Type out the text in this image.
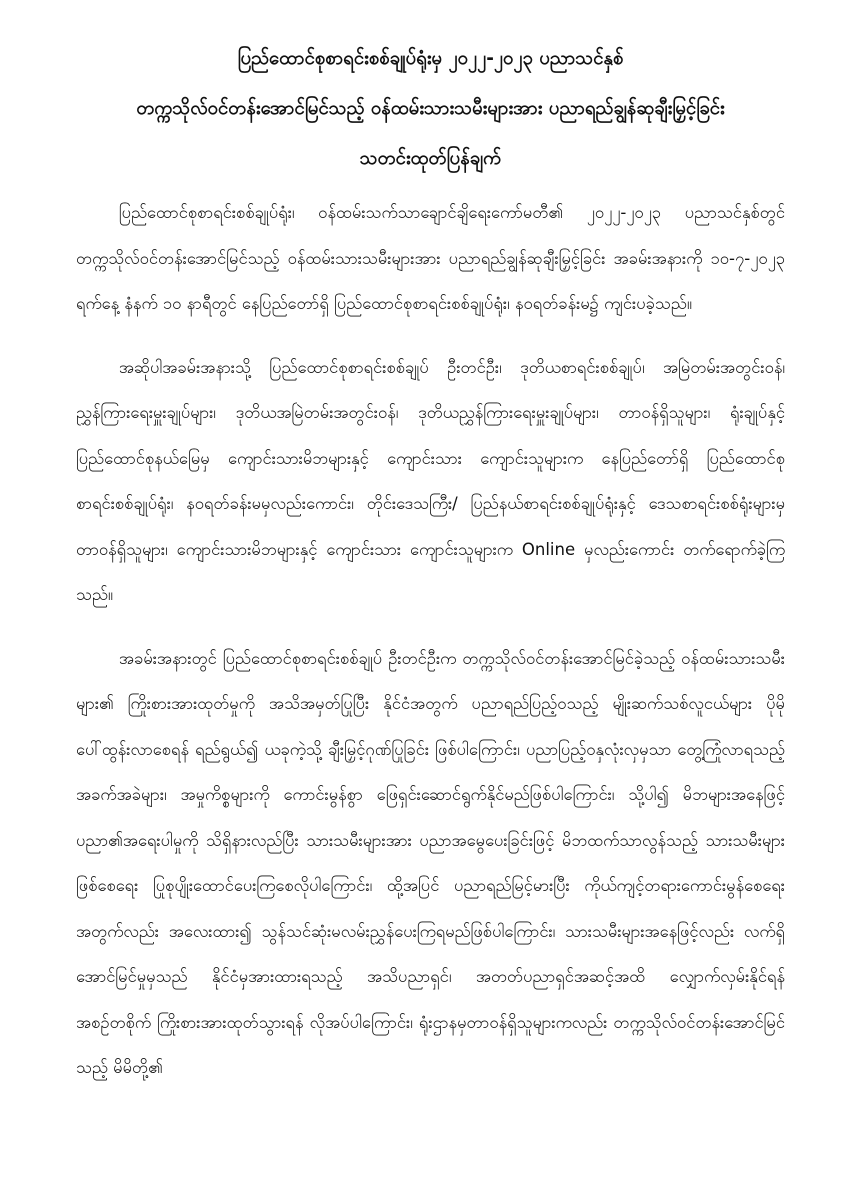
ပြည်ထောင်စုစာရင်းစစ်ချုပ်ရုံးမှ ၂၀၂၂-၂၀၂၃ ပညာသင်နှစ်

တက္ကသိုလ်ဝင်တန်းအောင်မြင်သည့် ဝန်ထမ်းသားသမီးများအား ပညာရည်ချွန်ဆုချီးမြှင့်ခြင်း

သတင်းထုတ်ပြန်ချက်

ပြည်ထောင်စုစာရင်းစစ်ချုပ်ရုံး၊ ဝန်ထမ်းသက်သာချောင်ချိရေးကော်မတီ၏ ၂၀၂၂-၂၀၂၃ ပညာသင်နှစ်တွင် တက္ကသိုလ်ဝင်တန်းအောင်မြင်သည့် ဝန်ထမ်းသားသမီးများအား ပညာရည်ချွန်ဆုချီးမြှင့်ခြင်း အခမ်းအနားကို ၁၀-၇-၂၀၂၃ ရက်နေ့ နံနက် ၁၀ နာရီတွင် နေပြည်တော်ရှိ ပြည်ထောင်စုစာရင်းစစ်ချုပ်ရုံး၊ နဝရတ်ခန်းမ၌ ကျင်းပခဲ့သည်။

အဆိုပါအခမ်းအနားသို့ ပြည်ထောင်စုစာရင်းစစ်ချုပ် ဦးတင်ဦး၊ ဒုတိယစာရင်းစစ်ချုပ်၊ အမြဲတမ်းအတွင်းဝန်၊ ညွှန်ကြားရေးမှူးချုပ်များ၊ ဒုတိယအမြဲတမ်းအတွင်းဝန်၊ ဒုတိယညွှန်ကြားရေးမှူးချုပ်များ၊ တာဝန်ရှိသူများ၊ ရုံးချုပ်နှင့် ပြည်ထောင်စုနယ်မြေမှ ကျောင်းသားမိဘများနှင့် ကျောင်းသား ကျောင်းသူများက နေပြည်တော်ရှိ ပြည်ထောင်စုစာရင်းစစ်ချုပ်ရုံး၊ နဝရတ်ခန်းမမှလည်းကောင်း၊ တိုင်းဒေသကြီး/ ပြည်နယ်စာရင်းစစ်ချုပ်ရုံးနှင့် ဒေသစာရင်းစစ်ရုံးများမှ တာဝန်ရှိသူများ၊ ကျောင်းသားမိဘများနှင့် ကျောင်းသား ကျောင်းသူများက Online မှလည်းကောင်း တက်ရောက်ခဲ့ကြသည်။

အခမ်းအနားတွင် ပြည်ထောင်စုစာရင်းစစ်ချုပ် ဦးတင်ဦးက တက္ကသိုလ်ဝင်တန်းအောင်မြင်ခဲ့သည့် ဝန်ထမ်းသားသမီးများ၏ ကြိုးစားအားထုတ်မှုကို အသိအမှတ်ပြုပြီး နိုင်ငံအတွက် ပညာရည်ပြည့်ဝသည့် မျိုးဆက်သစ်လူငယ်များ ပိုမိုပေါ်ထွန်းလာစေရန် ရည်ရွယ်၍ ယခုကဲ့သို့ ချီးမြှင့်ဂုဏ်ပြုခြင်း ဖြစ်ပါကြောင်း၊ ပညာပြည့်ဝနှလုံးလှမှသာ တွေ့ကြုံလာရသည့် အခက်အခဲများ၊ အမှုကိစ္စများကို ကောင်းမွန်စွာ ဖြေရှင်းဆောင်ရွက်နိုင်မည်ဖြစ်ပါကြောင်း၊ သို့ပါ၍ မိဘများအနေဖြင့် ပညာ၏အရေးပါမှုကို သိရှိနားလည်ပြီး သားသမီးများအား ပညာအမွေပေးခြင်းဖြင့် မိဘထက်သာလွန်သည့် သားသမီးများဖြစ်စေရေး ပြုစုပျိုးထောင်ပေးကြစေလိုပါကြောင်း၊ ထို့အပြင် ပညာရည်မြင့်မားပြီး ကိုယ်ကျင့်တရားကောင်းမွန်စေရေးအတွက်လည်း အလေးထား၍ သွန်သင်ဆုံးမလမ်းညွှန်ပေးကြရမည်ဖြစ်ပါကြောင်း၊ သားသမီးများအနေဖြင့်လည်း လက်ရှိအောင်မြင်မှုမှသည် နိုင်ငံမှအားထားရသည့် အသိပညာရှင်၊ အတတ်ပညာရှင်အဆင့်အထိ လျှောက်လှမ်းနိုင်ရန် အစဉ်တစိုက် ကြိုးစားအားထုတ်သွားရန် လိုအပ်ပါကြောင်း၊ ရုံးဌာနမှတာဝန်ရှိသူများကလည်း တက္ကသိုလ်ဝင်တန်းအောင်မြင်သည့် မိမိတို့၏
